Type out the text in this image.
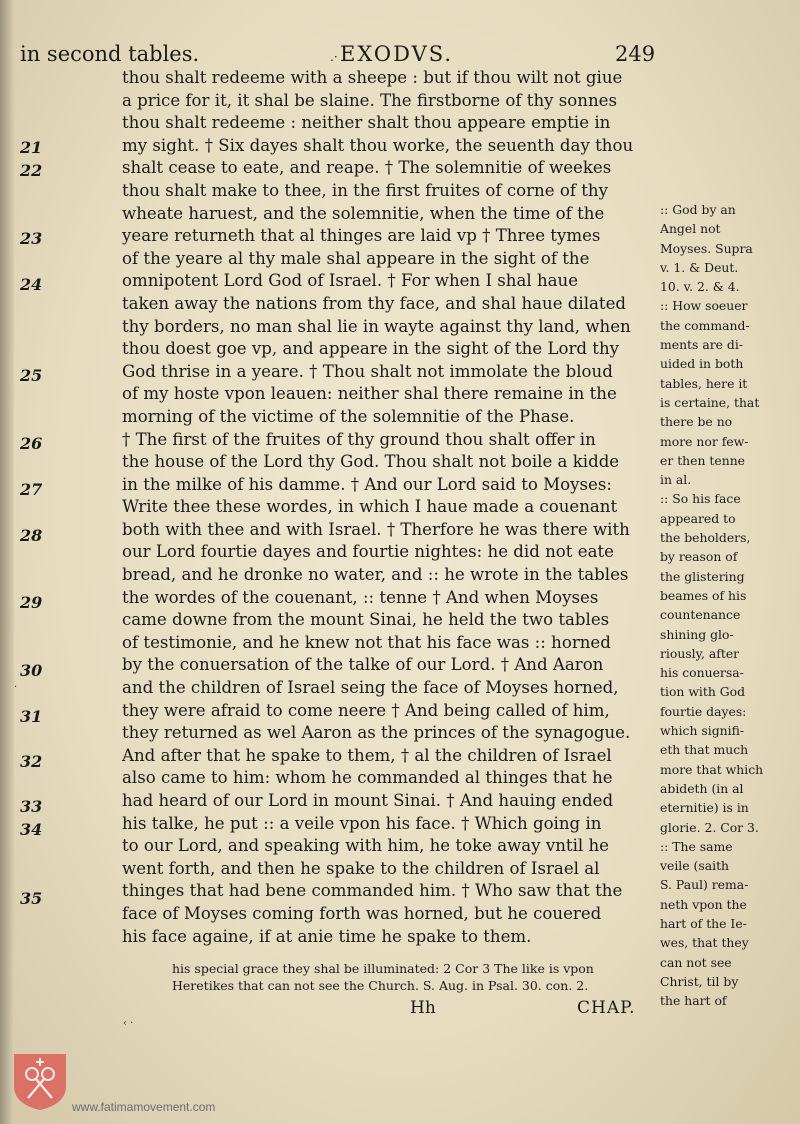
in second tables.	.· EXODVS.	249
21
22
23
24
25
26
27
28
29
30
31
32
33
34
35
thou shalt redeeme with a sheepe : but if thou wilt not giue
a price for it, it shal be slaine. The firstborne of thy sonnes
thou shalt redeeme : neither shalt thou appeare emptie in
my sight. † Six dayes shalt thou worke, the seuenth day thou
shalt cease to eate, and reape. † The solemnitie of weekes
thou shalt make to thee, in the first fruites of corne of thy
wheate haruest, and the solemnitie, when the time of the
yeare returneth that al thinges are laid vp † Three tymes
of the yeare al thy male shal appeare in the sight of the
omnipotent Lord God of Israel. † For when I shal haue
taken away the nations from thy face, and shal haue dilated
thy borders, no man shal lie in wayte against thy land, when
thou doest goe vp, and appeare in the sight of the Lord thy
God thrise in a yeare. † Thou shalt not immolate the bloud
of my hoste vpon leauen: neither shal there remaine in the
morning of the victime of the solemnitie of the Phase.
† The first of the fruites of thy ground thou shalt offer in
the house of the Lord thy God. Thou shalt not boile a kidde
in the milke of his damme. † And our Lord said to Moyses:
Write thee these wordes, in which I haue made a couenant
both with thee and with Israel. † Therfore he was there with
our Lord fourtie dayes and fourtie nightes: he did not eate
bread, and he dronke no water, and :: he wrote in the tables
the wordes of the couenant, :: tenne † And when Moyses
came downe from the mount Sinai, he held the two tables
of testimonie, and he knew not that his face was :: horned
by the conuersation of the talke of our Lord. † And Aaron
and the children of Israel seing the face of Moyses horned,
they were afraid to come neere † And being called of him,
they returned as wel Aaron as the princes of the synagogue.
And after that he spake to them, † al the children of Israel
also came to him: whom he commanded al thinges that he
had heard of our Lord in mount Sinai. † And hauing ended
his talke, he put :: a veile vpon his face. † Which going in
to our Lord, and speaking with him, he toke away vntil he
went forth, and then he spake to the children of Israel al
thinges that had bene commanded him. † Who saw that the
face of Moyses coming forth was horned, but he couered
his face againe, if at anie time he spake to them.
:: God by an
Angel not
Moyses. Supra
v. 1. & Deut.
10. v. 2. & 4.
:: How soeuer
the command-
ments are di-
uided in both
tables, here it
is certaine, that
there be no
more nor few-
er then tenne
in al.
:: So his face
appeared to
the beholders,
by reason of
the glistering
beames of his
countenance
shining glo-
riously, after
his conuersa-
tion with God
fourtie dayes:
which signifi-
eth that much
more that which
abideth (in al
eternitie) is in
glorie. 2. Cor 3.
:: The same
veile (saith
S. Paul) rema-
neth vpon the
hart of the Ie-
wes, that they
can not see
Christ, til by
the hart of
his special grace they shal be illuminated: 2 Cor 3 The like is vpon
Heretikes that can not see the Church. S. Aug. in Psal. 30. con. 2.
Hh	CHAP.
·
‹ ·
www.fatimamovement.com
